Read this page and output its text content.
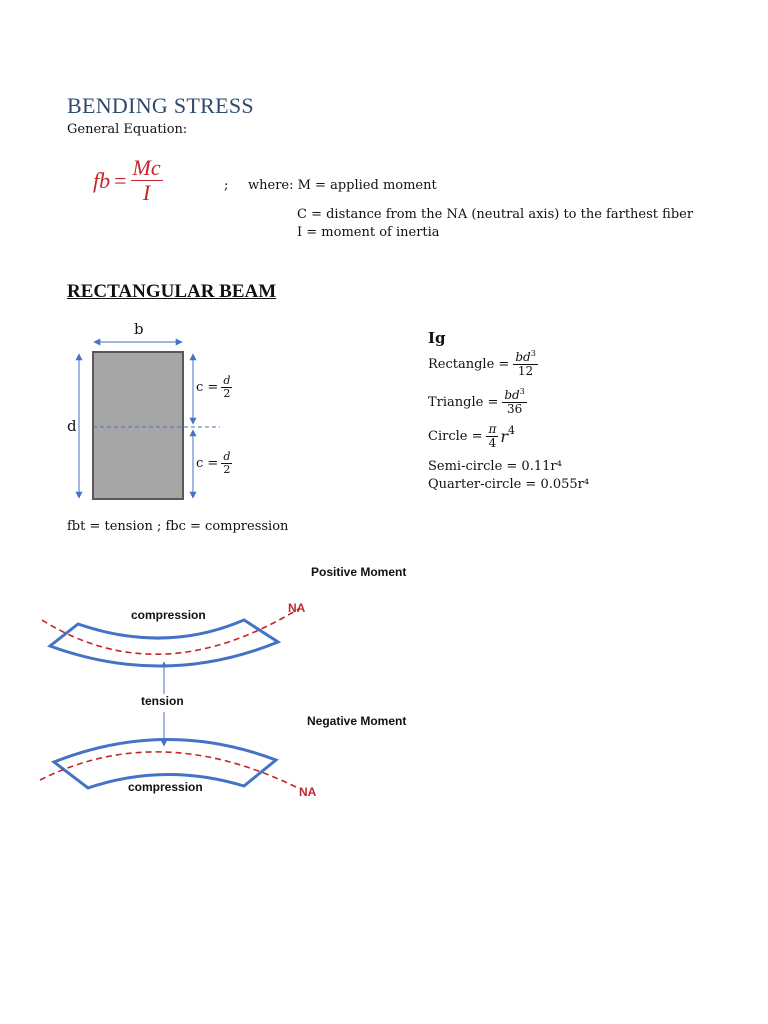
BENDING STRESS
General Equation:
fb = $\frac{Mc}{I}$	; where: M = applied moment
C = distance from the NA (neutral axis) to the farthest fiber
I = moment of inertia
RECTANGULAR BEAM
b
d
$c = \frac{d}{2}$
$c = \frac{d}{2}$
fbt = tension ; fbc = compression
Ig
Rectangle = $\frac{bd^3}{12}$
Triangle = $\frac{bd^3}{36}$
Circle = $\frac{\pi}{4} r^4$
Semi-circle = 0.11r⁴
Quarter-circle = 0.055r⁴
Positive Moment
compression	NA
tension
Negative Moment
compression	NA
